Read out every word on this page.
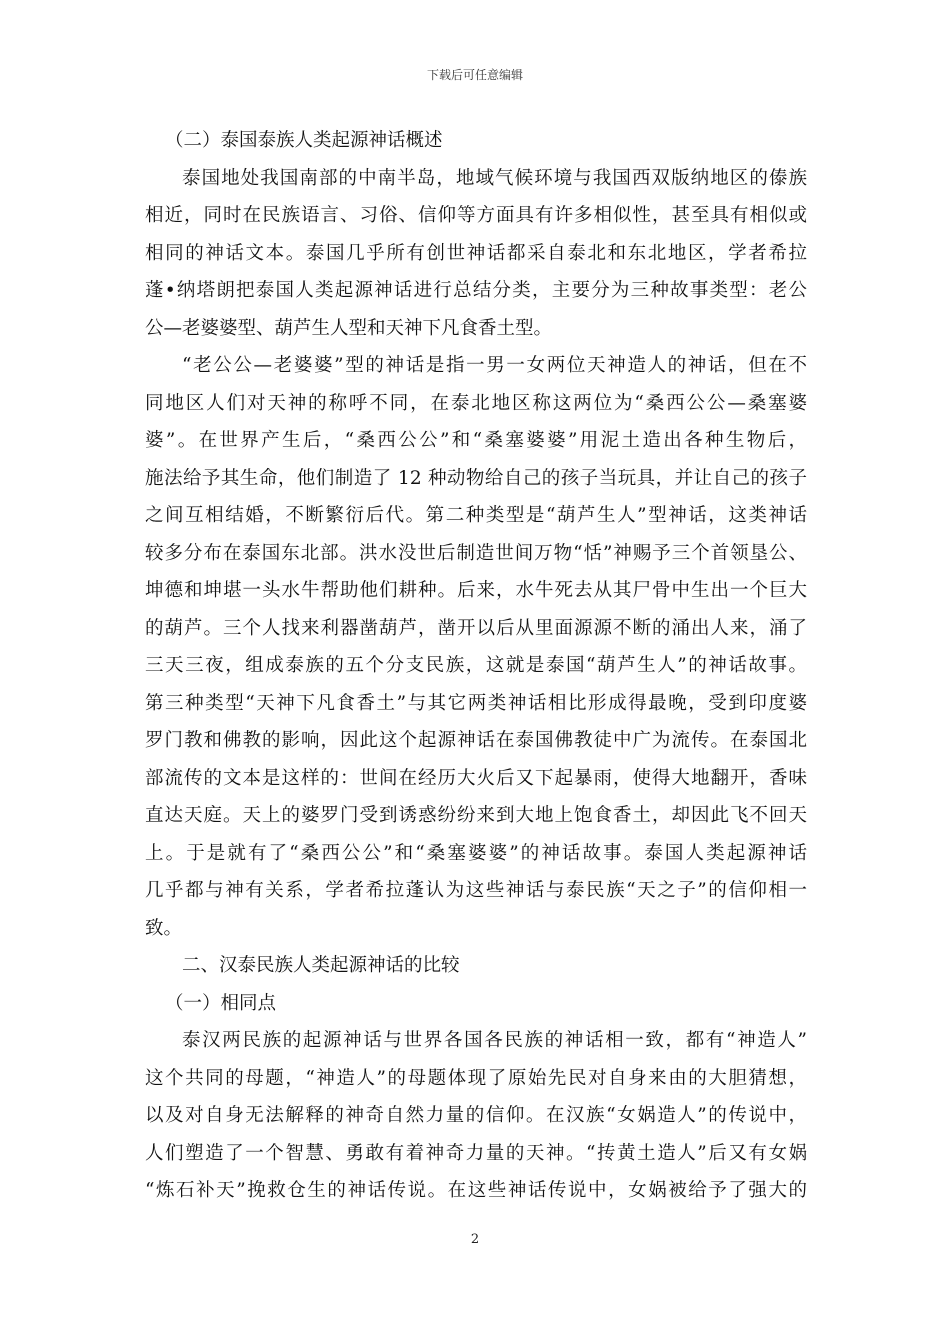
下载后可任意编辑
（二）泰国泰族人类起源神话概述
泰国地处我国南部的中南半岛，地域气候环境与我国西双版纳地区的傣族
相近，同时在民族语言、习俗、信仰等方面具有许多相似性，甚至具有相似或
相同的神话文本。泰国几乎所有创世神话都采自泰北和东北地区，学者希拉
蓬•纳塔朗把泰国人类起源神话进行总结分类，主要分为三种故事类型：老公
公—老婆婆型、葫芦生人型和天神下凡食香土型。
“老公公—老婆婆”型的神话是指一男一女两位天神造人的神话，但在不
同地区人们对天神的称呼不同，在泰北地区称这两位为“桑西公公—桑塞婆
婆”。在世界产生后，“桑西公公”和“桑塞婆婆”用泥土造出各种生物后，
施法给予其生命，他们制造了 12 种动物给自己的孩子当玩具，并让自己的孩子
之间互相结婚，不断繁衍后代。第二种类型是“葫芦生人”型神话，这类神话
较多分布在泰国东北部。洪水没世后制造世间万物“恬”神赐予三个首领垦公、
坤德和坤堪一头水牛帮助他们耕种。后来，水牛死去从其尸骨中生出一个巨大
的葫芦。三个人找来利器凿葫芦，凿开以后从里面源源不断的涌出人来，涌了
三天三夜，组成泰族的五个分支民族，这就是泰国“葫芦生人”的神话故事。
第三种类型“天神下凡食香土”与其它两类神话相比形成得最晚，受到印度婆
罗门教和佛教的影响，因此这个起源神话在泰国佛教徒中广为流传。在泰国北
部流传的文本是这样的：世间在经历大火后又下起暴雨，使得大地翻开，香味
直达天庭。天上的婆罗门受到诱惑纷纷来到大地上饱食香土，却因此飞不回天
上。于是就有了“桑西公公”和“桑塞婆婆”的神话故事。泰国人类起源神话
几乎都与神有关系，学者希拉蓬认为这些神话与泰民族“天之子”的信仰相一
致。
二、汉泰民族人类起源神话的比较
（一）相同点
泰汉两民族的起源神话与世界各国各民族的神话相一致，都有“神造人”
这个共同的母题，“神造人”的母题体现了原始先民对自身来由的大胆猜想，
以及对自身无法解释的神奇自然力量的信仰。在汉族“女娲造人”的传说中，
人们塑造了一个智慧、勇敢有着神奇力量的天神。“抟黄土造人”后又有女娲
“炼石补天”挽救仓生的神话传说。在这些神话传说中，女娲被给予了强大的
2
